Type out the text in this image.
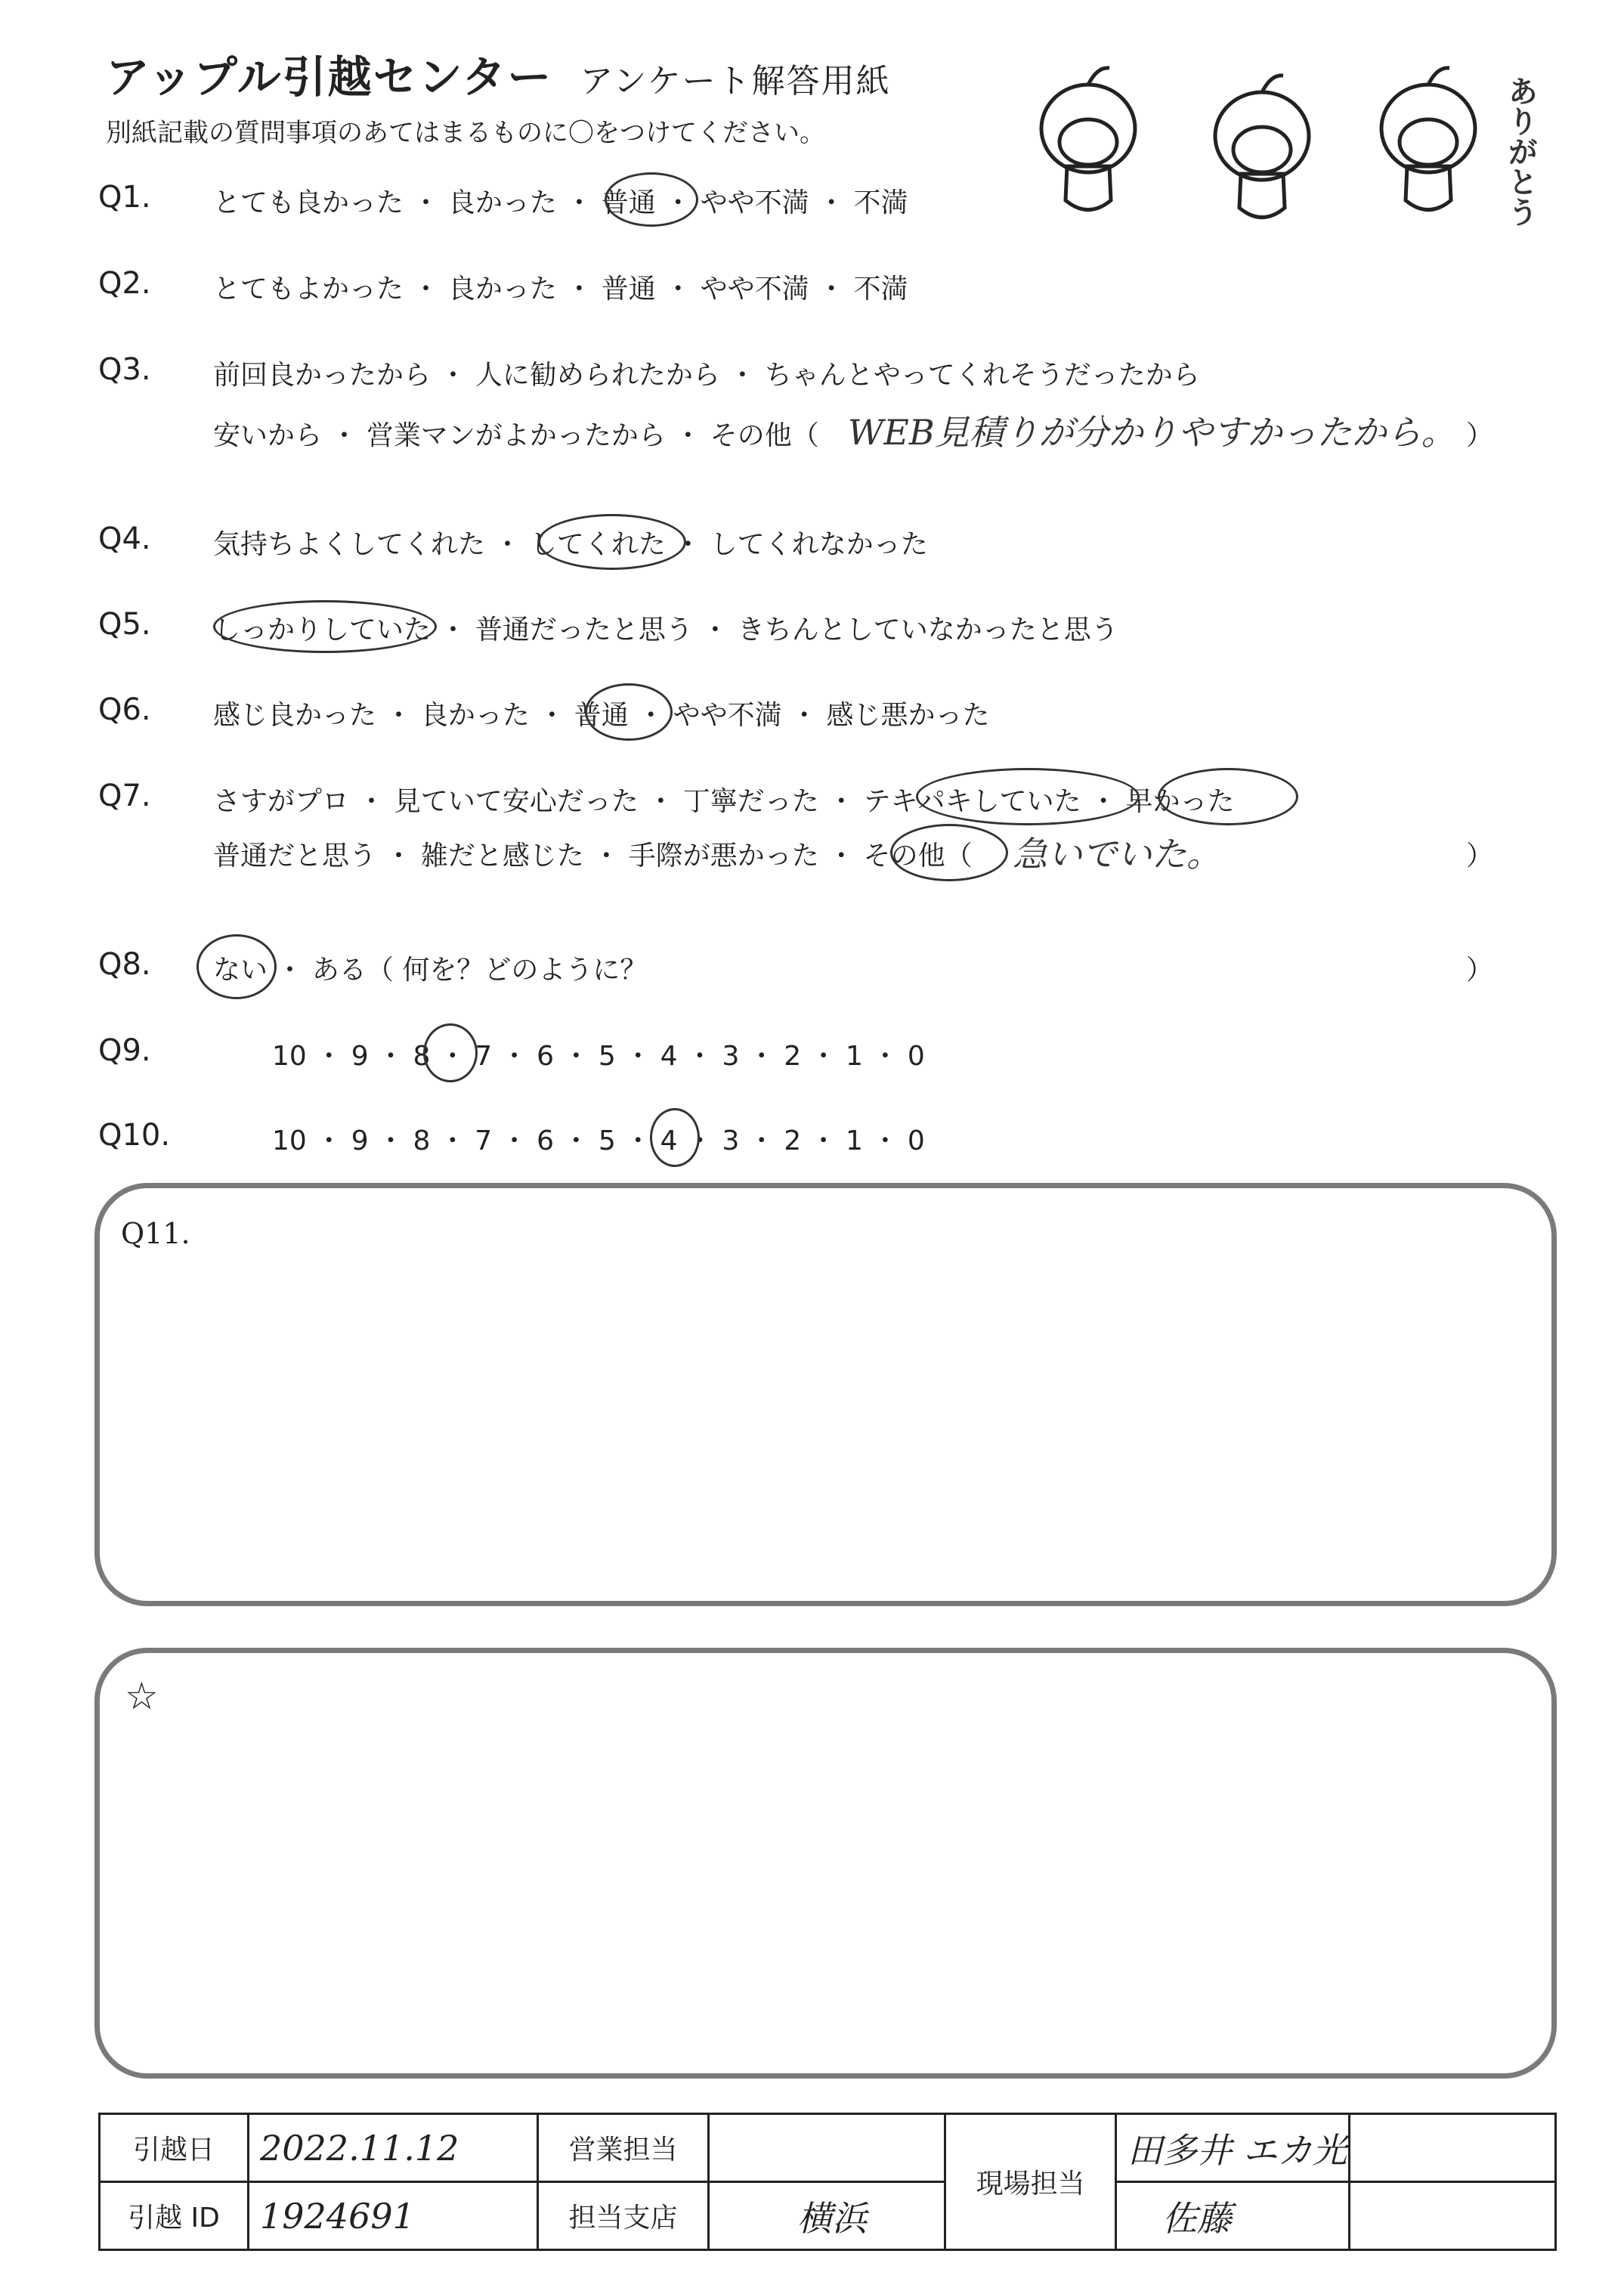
アップル引越センター アンケート解答用紙
別紙記載の質問事項のあてはまるものに〇をつけてください。	ありがとう
Q1. とても良かった ・ 良かった ・ 普通 ・ やや不満 ・ 不満
Q2. とてもよかった ・ 良かった ・ 普通 ・ やや不満 ・ 不満
Q3. 前回良かったから ・ 人に勧められたから ・ ちゃんとやってくれそうだったから
安いから ・ 営業マンがよかったから ・ その他（ WEB見積りが分かりやすかったから。 ）
Q4. 気持ちよくしてくれた ・ してくれた ・ してくれなかった
Q5. しっかりしていた ・ 普通だったと思う ・ きちんとしていなかったと思う
Q6. 感じ良かった ・ 良かった ・ 普通 ・ やや不満 ・ 感じ悪かった
Q7. さすがプロ ・ 見ていて安心だった ・ 丁寧だった ・ テキパキしていた ・ 早かった
普通だと思う ・ 雑だと感じた ・ 手際が悪かった ・ その他（ 急いでいた。	）
Q8. ない ・ ある（ 何を？どのように？	）
Q9.	10 ・ 9 ・ 8 ・ 7 ・ 6 ・ 5 ・ 4 ・ 3 ・ 2 ・ 1 ・ 0
Q10.	10 ・ 9 ・ 8 ・ 7 ・ 6 ・ 5 ・ 4 ・ 3 ・ 2 ・ 1 ・ 0
Q11.
☆
引越日	2022.11.12	営業担当		現場担当	田多井 エカ光	
引越 ID	1924691	担当支店	横浜		佐藤	
